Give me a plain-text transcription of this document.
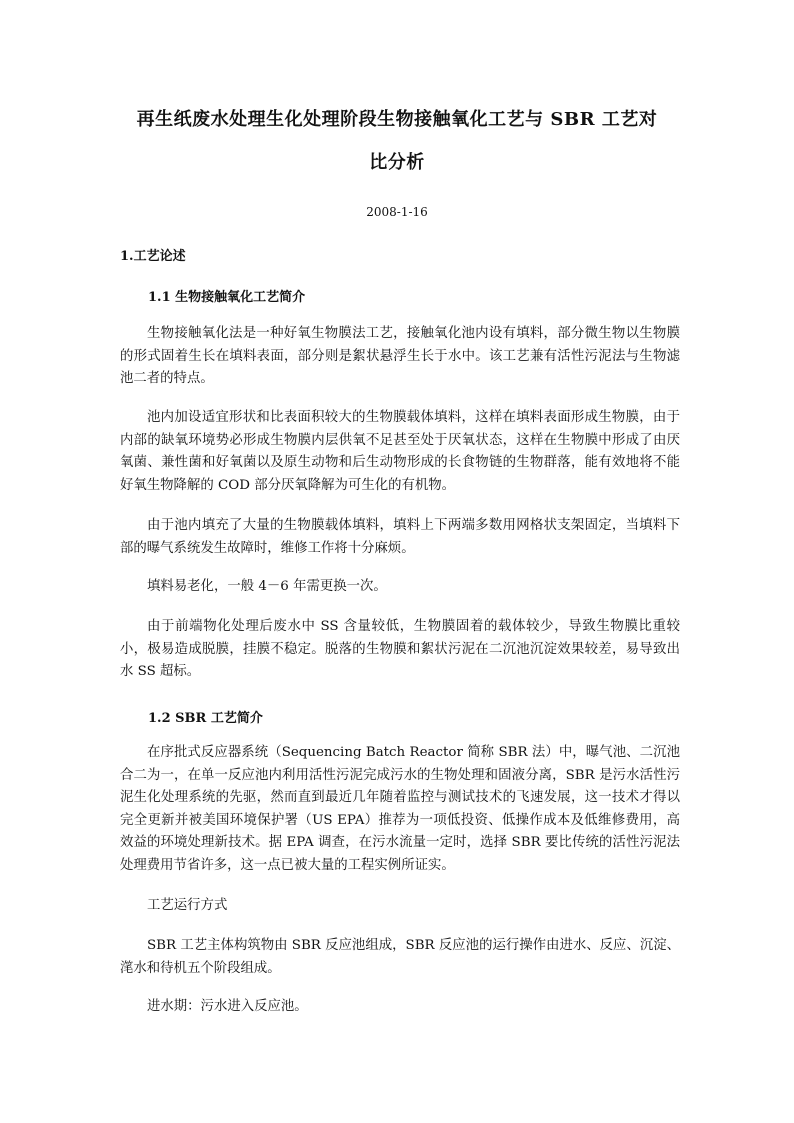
再生纸废水处理生化处理阶段生物接触氧化工艺与 SBR 工艺对
比分析
2008-1-16
1.工艺论述
1.1 生物接触氧化工艺简介

生物接触氧化法是一种好氧生物膜法工艺，接触氧化池内设有填料，部分微生物以生物膜的形式固着生长在填料表面，部分则是絮状悬浮生长于水中。该工艺兼有活性污泥法与生物滤池二者的特点。

池内加设适宜形状和比表面积较大的生物膜载体填料，这样在填料表面形成生物膜，由于内部的缺氧环境势必形成生物膜内层供氧不足甚至处于厌氧状态，这样在生物膜中形成了由厌氧菌、兼性菌和好氧菌以及原生动物和后生动物形成的长食物链的生物群落，能有效地将不能好氧生物降解的 COD 部分厌氧降解为可生化的有机物。

由于池内填充了大量的生物膜载体填料，填料上下两端多数用网格状支架固定，当填料下部的曝气系统发生故障时，维修工作将十分麻烦。

填料易老化，一般 4－6 年需更换一次。

由于前端物化处理后废水中 SS 含量较低，生物膜固着的载体较少，导致生物膜比重较小，极易造成脱膜，挂膜不稳定。脱落的生物膜和絮状污泥在二沉池沉淀效果较差，易导致出水 SS 超标。

1.2 SBR 工艺简介

在序批式反应器系统（Sequencing Batch Reactor 简称 SBR 法）中，曝气池、二沉池合二为一，在单一反应池内利用活性污泥完成污水的生物处理和固液分离，SBR 是污水活性污泥生化处理系统的先驱，然而直到最近几年随着监控与测试技术的飞速发展，这一技术才得以完全更新并被美国环境保护署（US EPA）推荐为一项低投资、低操作成本及低维修费用，高效益的环境处理新技术。据 EPA 调查，在污水流量一定时，选择 SBR 要比传统的活性污泥法处理费用节省许多，这一点已被大量的工程实例所证实。

工艺运行方式

SBR 工艺主体构筑物由 SBR 反应池组成，SBR 反应池的运行操作由进水、反应、沉淀、滗水和待机五个阶段组成。

进水期：污水进入反应池。
